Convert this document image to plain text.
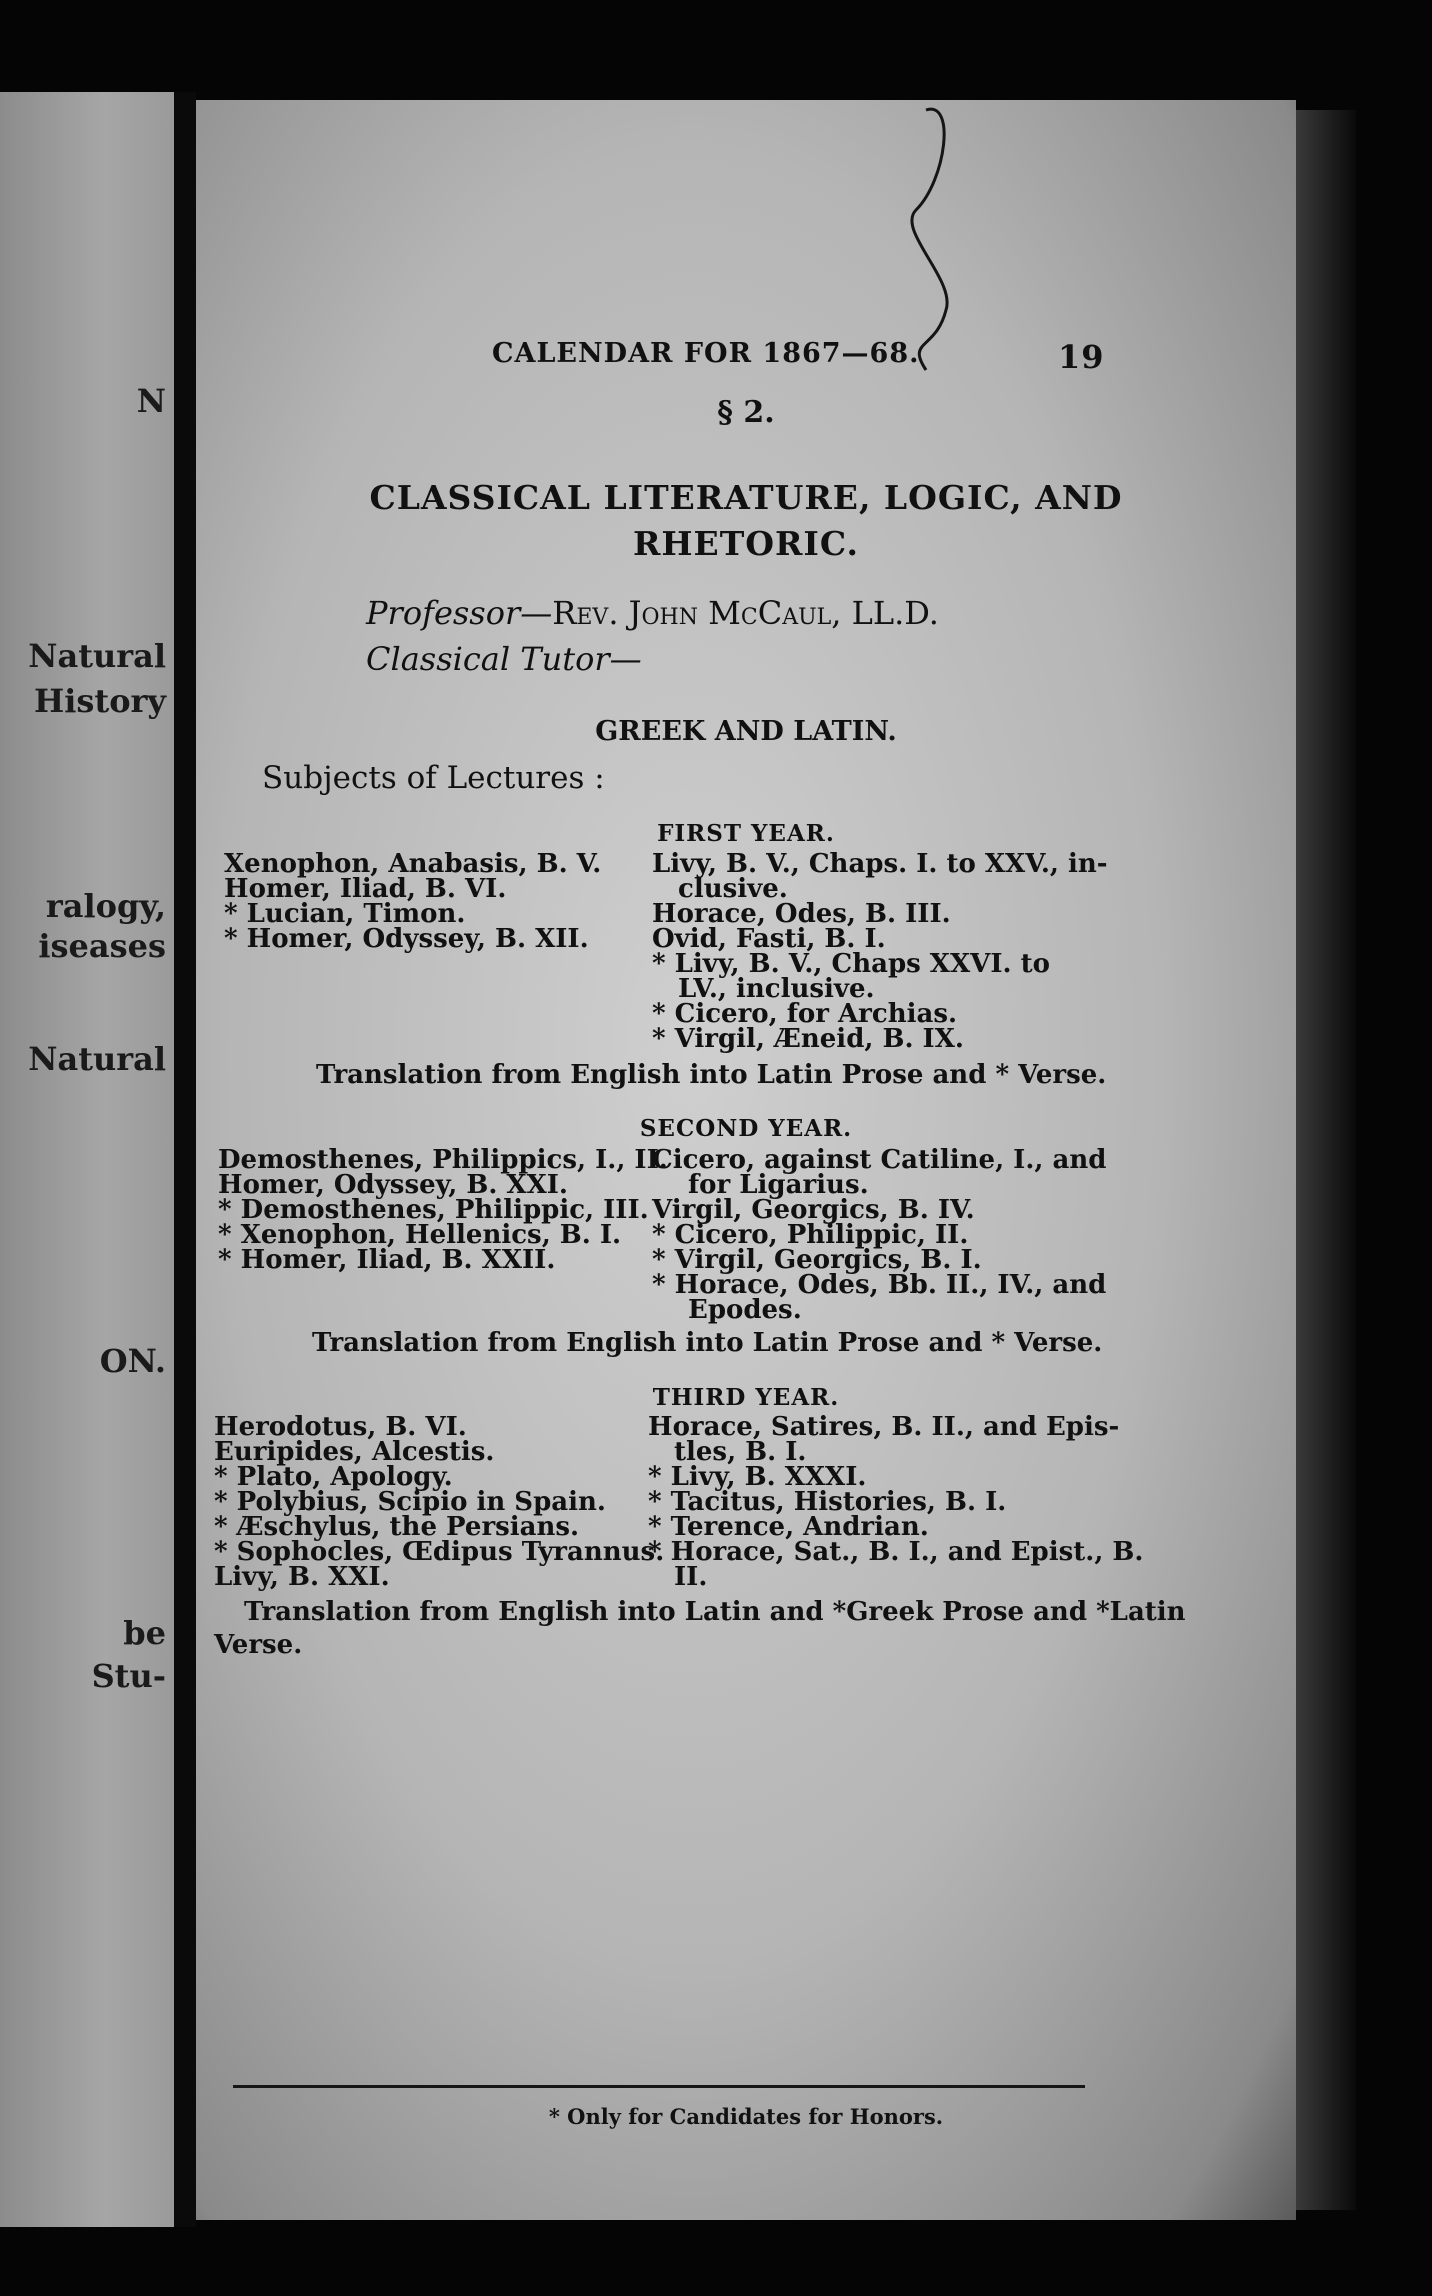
N
Natural
History
ralogy,
iseases
Natural
ON.
be
Stu-
CALENDAR FOR 1867—68.	19
§ 2.
CLASSICAL LITERATURE, LOGIC, AND
RHETORIC.
Professor—Rev. John McCaul, LL.D.
Classical Tutor—
GREEK AND LATIN.
Subjects of Lectures :
FIRST YEAR.
Xenophon, Anabasis, B. V.
Homer, Iliad, B. VI.
* Lucian, Timon.
* Homer, Odyssey, B. XII.
Livy, B. V., Chaps. I. to XXV., in-
clusive.
Horace, Odes, B. III.
Ovid, Fasti, B. I.
* Livy, B. V., Chaps XXVI. to
LV., inclusive.
* Cicero, for Archias.
* Virgil, Æneid, B. IX.
Translation from English into Latin Prose and * Verse.
SECOND YEAR.
Demosthenes, Philippics, I., II.
Homer, Odyssey, B. XXI.
* Demosthenes, Philippic, III.
* Xenophon, Hellenics, B. I.
* Homer, Iliad, B. XXII.
Cicero, against Catiline, I., and
for Ligarius.
Virgil, Georgics, B. IV.
* Cicero, Philippic, II.
* Virgil, Georgics, B. I.
* Horace, Odes, Bb. II., IV., and
Epodes.
Translation from English into Latin Prose and * Verse.
THIRD YEAR.
Herodotus, B. VI.
Euripides, Alcestis.
* Plato, Apology.
* Polybius, Scipio in Spain.
* Æschylus, the Persians.
* Sophocles, Œdipus Tyrannus.
Livy, B. XXI.
Horace, Satires, B. II., and Epis-
tles, B. I.
* Livy, B. XXXI.
* Tacitus, Histories, B. I.
* Terence, Andrian.
* Horace, Sat., B. I., and Epist., B.
II.
Translation from English into Latin and *Greek Prose and *Latin
Verse.
* Only for Candidates for Honors.
